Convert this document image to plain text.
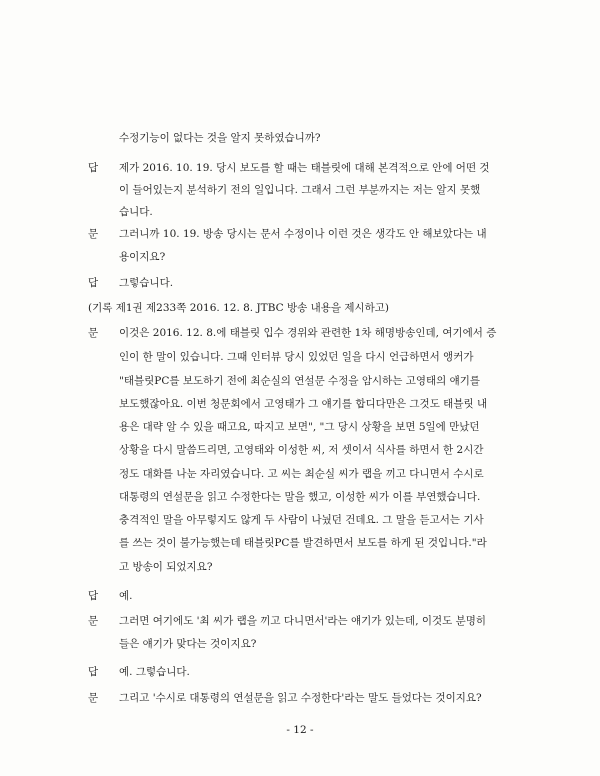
수정기능이 없다는 것을 알지 못하였습니까?
답 제가 2016. 10. 19. 당시 보도를 할 때는 태블릿에 대해 본격적으로 안에 어떤 것
이 들어있는지 분석하기 전의 일입니다. 그래서 그런 부분까지는 저는 알지 못했
습니다.
문 그러니까 10. 19. 방송 당시는 문서 수정이나 이런 것은 생각도 안 해보았다는 내
용이지요?
답 그렇습니다.
(기록 제1권 제233쪽 2016. 12. 8. JTBC 방송 내용을 제시하고)
문 이것은 2016. 12. 8.에 태블릿 입수 경위와 관련한 1차 해명방송인데, 여기에서 증
인이 한 말이 있습니다. 그때 인터뷰 당시 있었던 일을 다시 언급하면서 앵커가
"태블릿PC를 보도하기 전에 최순실의 연설문 수정을 암시하는 고영태의 얘기를
보도했잖아요. 이번 청문회에서 고영태가 그 얘기를 합디다만은 그것도 태블릿 내
용은 대략 알 수 있을 때고요, 따지고 보면", "그 당시 상황을 보면 5일에 만났던
상황을 다시 말씀드리면, 고영태와 이성한 씨, 저 셋이서 식사를 하면서 한 2시간
정도 대화를 나눈 자리였습니다. 고 씨는 최순실 씨가 랩을 끼고 다니면서 수시로
대통령의 연설문을 읽고 수정한다는 말을 했고, 이성한 씨가 이를 부연했습니다.
충격적인 말을 아무렇지도 않게 두 사람이 나눴던 건데요. 그 말을 듣고서는 기사
를 쓰는 것이 불가능했는데 태블릿PC를 발견하면서 보도를 하게 된 것입니다."라
고 방송이 되었지요?
답 예.
문 그러면 여기에도 '최 씨가 랩을 끼고 다니면서'라는 얘기가 있는데, 이것도 분명히
들은 얘기가 맞다는 것이지요?
답 예. 그렇습니다.
문 그리고 '수시로 대통령의 연설문을 읽고 수정한다'라는 말도 들었다는 것이지요?
- 12 -
